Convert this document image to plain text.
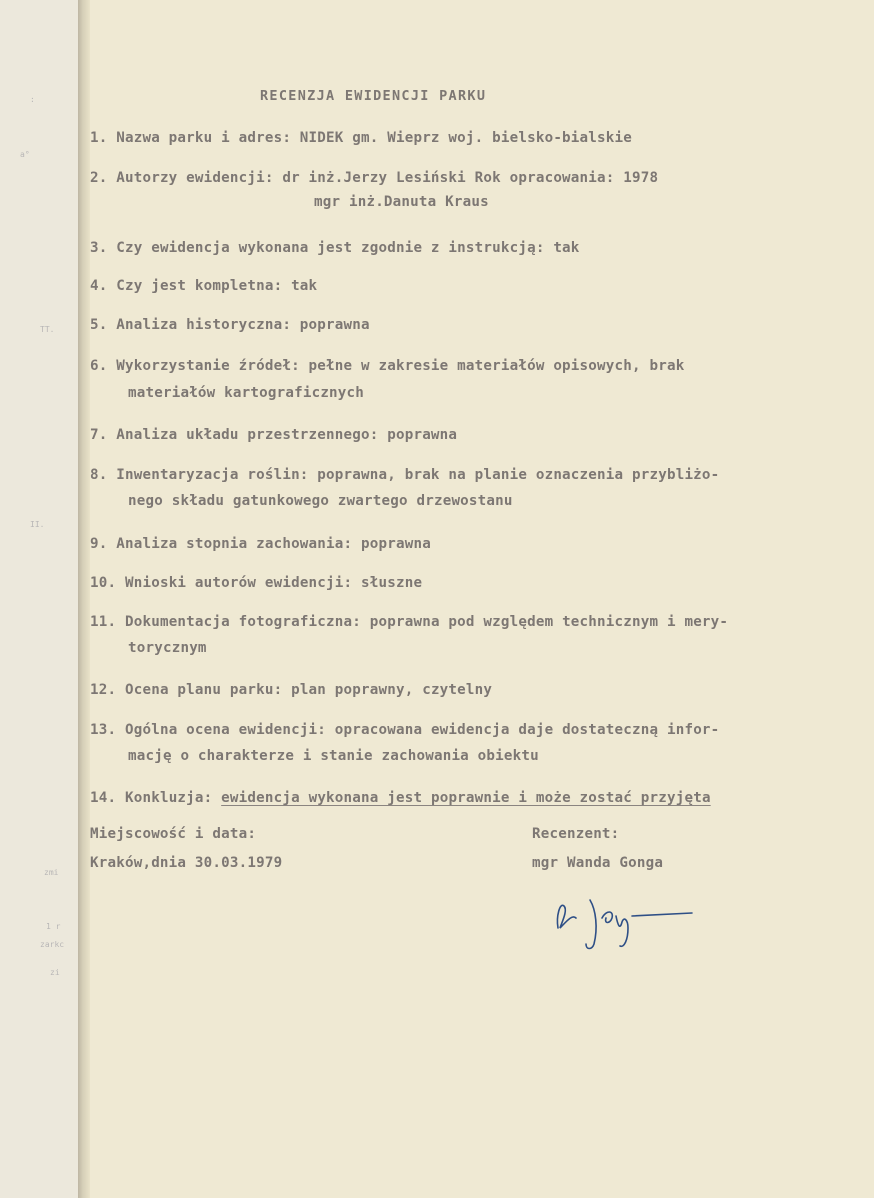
:
a°
TT.
II.
zmi
1 r
zarkc
zi
RECENZJA EWIDENCJI PARKU
1. Nazwa parku i adres: NIDEK gm. Wieprz woj. bielsko-bialskie
2. Autorzy ewidencji: dr inż.Jerzy Lesiński Rok opracowania: 1978
mgr inż.Danuta Kraus
3. Czy ewidencja wykonana jest zgodnie z instrukcją: tak
4. Czy jest kompletna: tak
5. Analiza historyczna: poprawna
6. Wykorzystanie źródeł: pełne w zakresie materiałów opisowych, brak
materiałów kartograficznych
7. Analiza układu przestrzennego: poprawna
8. Inwentaryzacja roślin: poprawna, brak na planie oznaczenia przybliżo-
nego składu gatunkowego zwartego drzewostanu
9. Analiza stopnia zachowania: poprawna
10. Wnioski autorów ewidencji: słuszne
11. Dokumentacja fotograficzna: poprawna pod względem technicznym i mery-
torycznym
12. Ocena planu parku: plan poprawny, czytelny
13. Ogólna ocena ewidencji: opracowana ewidencja daje dostateczną infor-
mację o charakterze i stanie zachowania obiektu
14. Konkluzja: ewidencja wykonana jest poprawnie i może zostać przyjęta
Miejscowość i data:
Kraków,dnia 30.03.1979
Recenzent:
mgr Wanda Gonga
